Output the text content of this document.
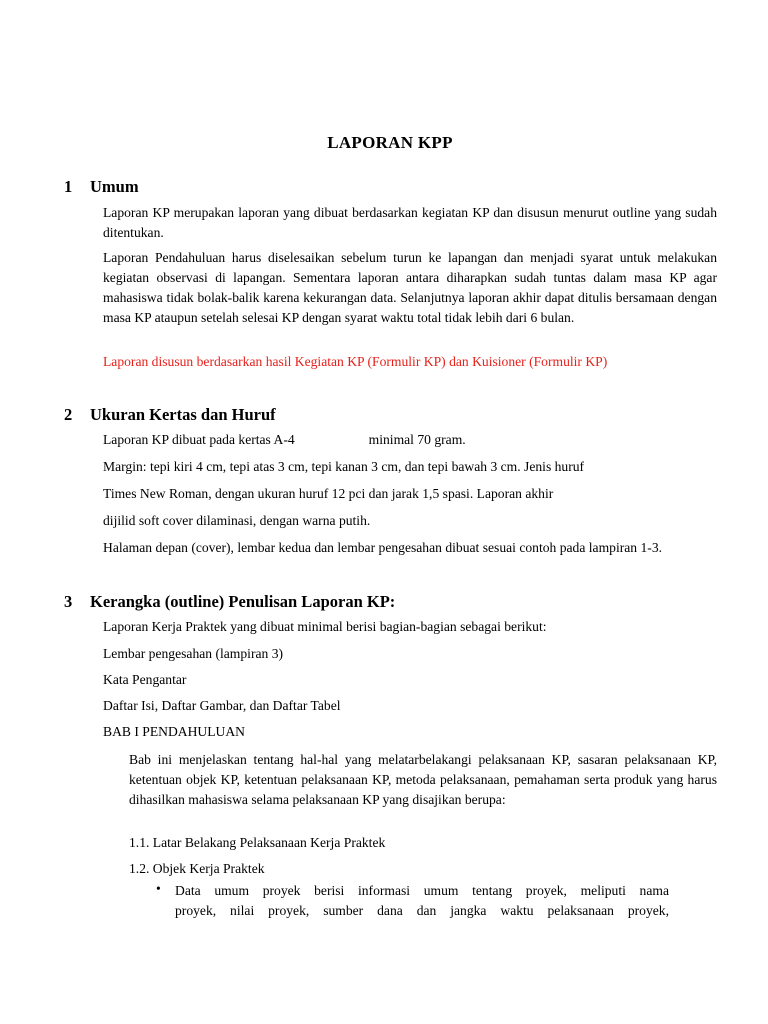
LAPORAN KPP
1 Umum
Laporan KP merupakan laporan yang dibuat berdasarkan kegiatan KP dan disusun menurut outline yang sudah ditentukan.
Laporan Pendahuluan harus diselesaikan sebelum turun ke lapangan dan menjadi syarat untuk melakukan kegiatan observasi di lapangan. Sementara laporan antara diharapkan sudah tuntas dalam masa KP agar mahasiswa tidak bolak-balik karena kekurangan data. Selanjutnya laporan akhir dapat ditulis bersamaan dengan masa KP ataupun setelah selesai KP dengan syarat waktu total tidak lebih dari 6 bulan.
Laporan disusun berdasarkan hasil Kegiatan KP (Formulir KP) dan Kuisioner (Formulir KP)
2 Ukuran Kertas dan Huruf
Laporan KP dibuat pada kertas A-4	minimal 70 gram.
Margin: tepi kiri 4 cm, tepi atas 3 cm, tepi kanan 3 cm, dan tepi bawah 3 cm. Jenis huruf
Times New Roman, dengan ukuran huruf 12 pci dan jarak 1,5 spasi. Laporan akhir
dijilid soft cover dilaminasi, dengan warna putih.
Halaman depan (cover), lembar kedua dan lembar pengesahan dibuat sesuai contoh pada lampiran 1-3.
3 Kerangka (outline) Penulisan Laporan KP:
Laporan Kerja Praktek yang dibuat minimal berisi bagian-bagian sebagai berikut:
Lembar pengesahan (lampiran 3)
Kata Pengantar
Daftar Isi, Daftar Gambar, dan Daftar Tabel
BAB I PENDAHULUAN
Bab ini menjelaskan tentang hal-hal yang melatarbelakangi pelaksanaan KP, sasaran pelaksanaan KP, ketentuan objek KP, ketentuan pelaksanaan KP, metoda pelaksanaan, pemahaman serta produk yang harus dihasilkan mahasiswa selama pelaksanaan KP yang disajikan berupa:
1.1. Latar Belakang Pelaksanaan Kerja Praktek
1.2. Objek Kerja Praktek
• Data umum proyek berisi informasi umum tentang proyek, meliputi nama
proyek, nilai proyek, sumber dana dan jangka waktu pelaksanaan proyek,
